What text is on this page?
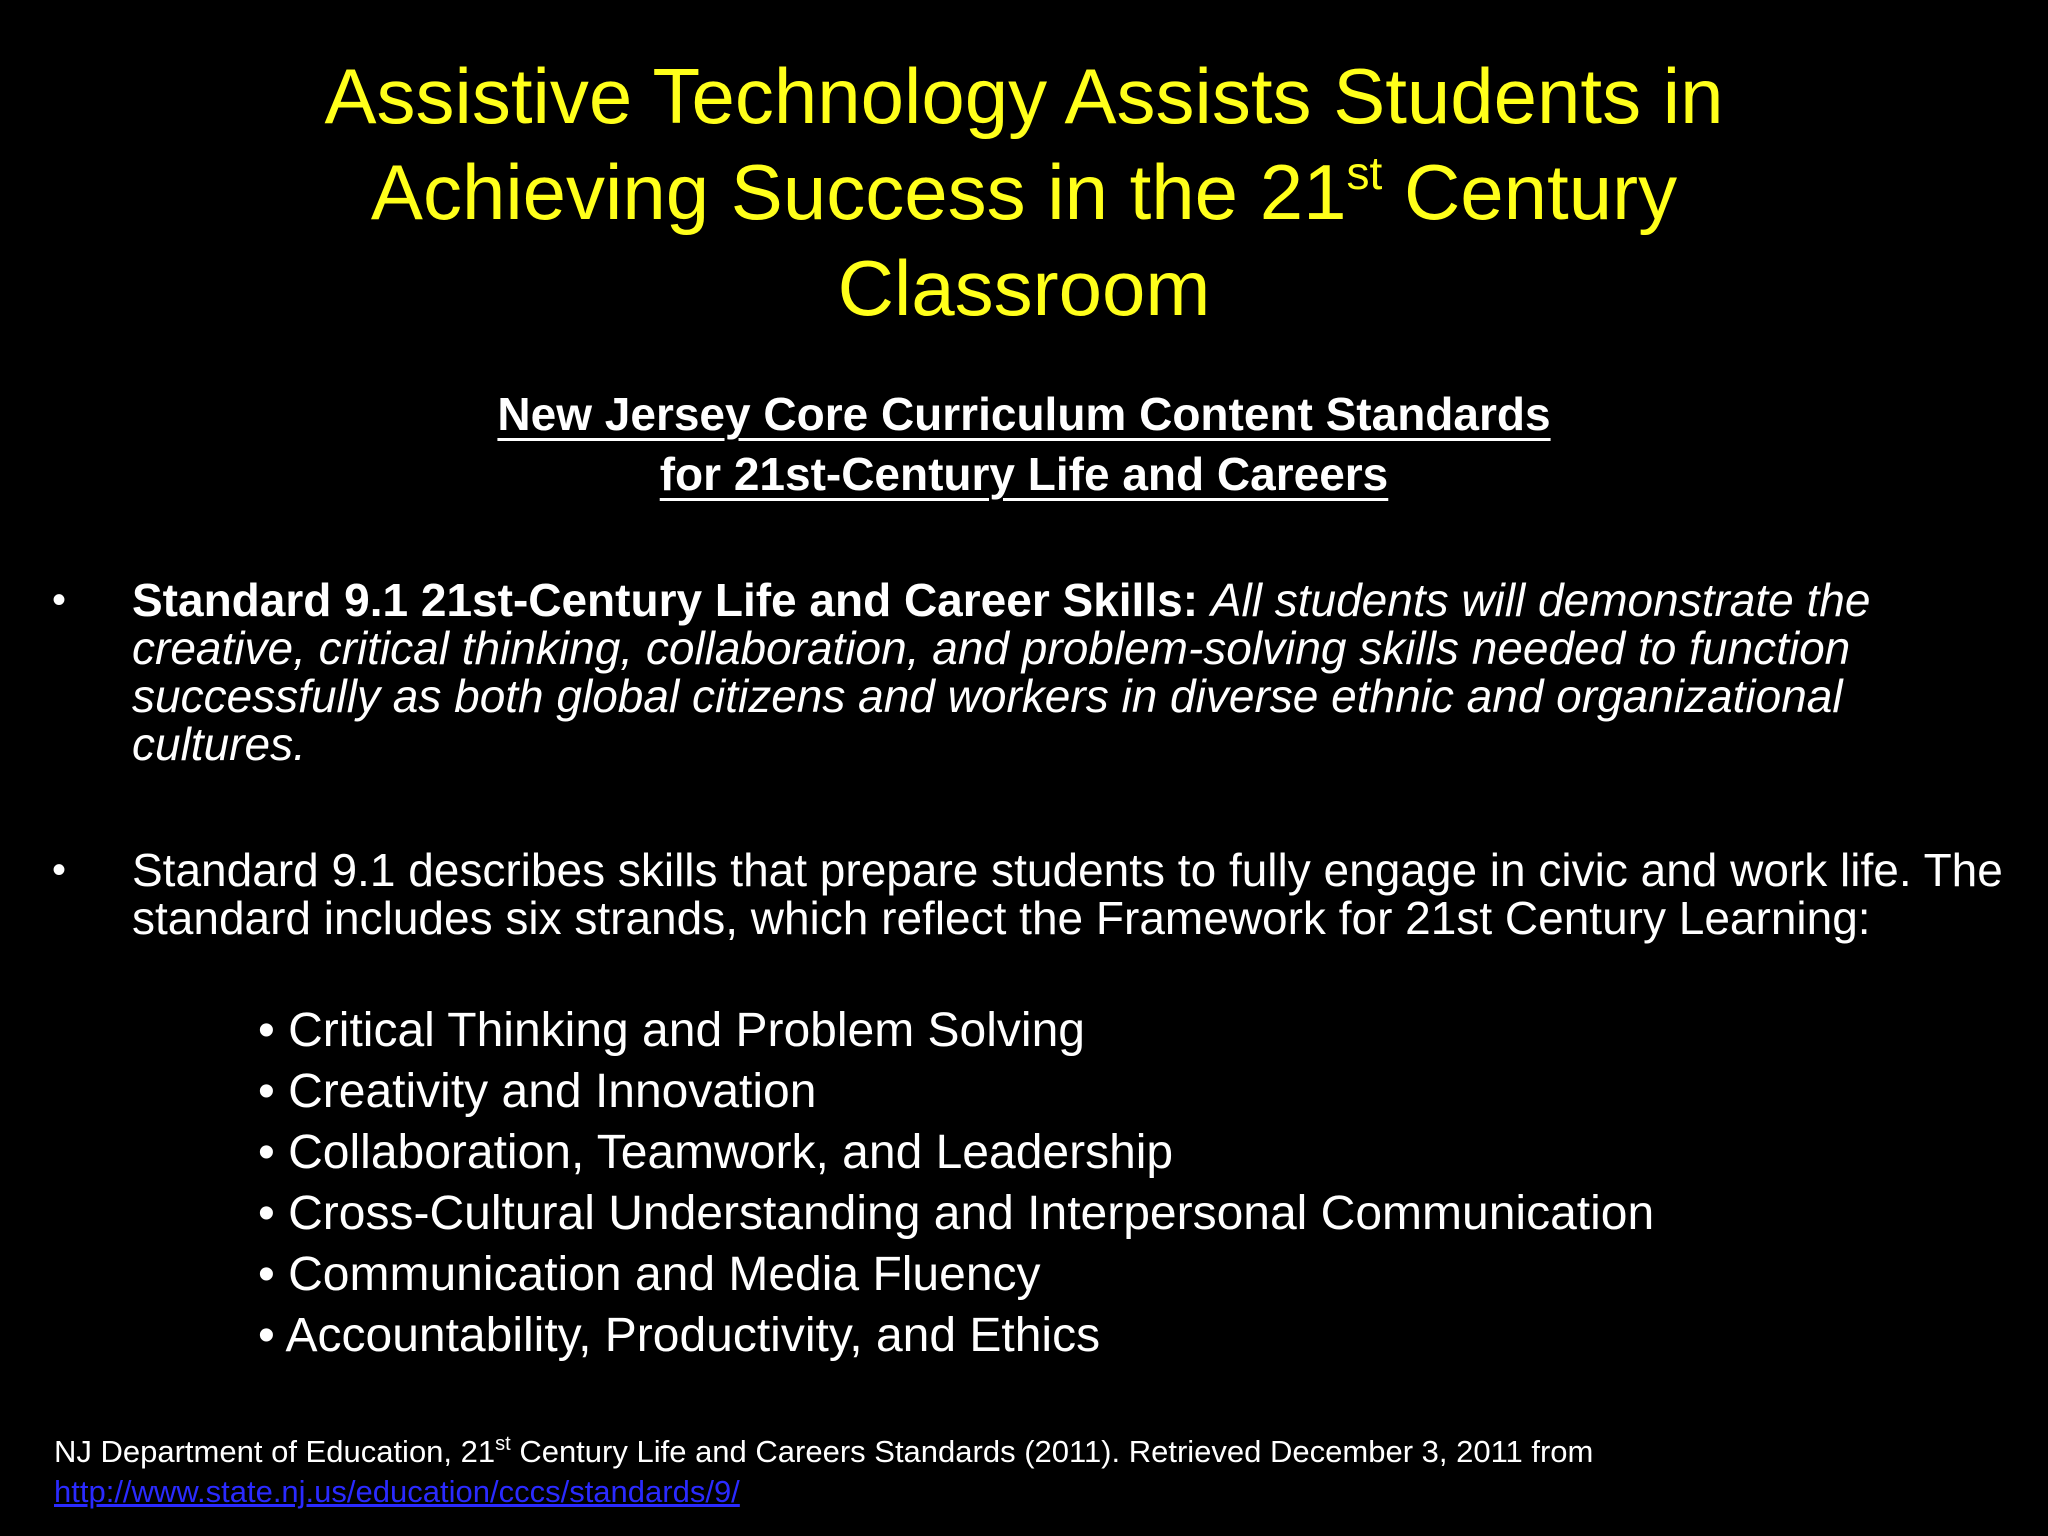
Assistive Technology Assists Students in
Achieving Success in the 21st Century
Classroom
New Jersey Core Curriculum Content Standards
for 21st-Century Life and Careers
• Standard 9.1 21st-Century Life and Career Skills: All students will demonstrate the creative, critical thinking, collaboration, and problem-solving skills needed to function successfully as both global citizens and workers in diverse ethnic and organizational cultures.
• Standard 9.1 describes skills that prepare students to fully engage in civic and work life. The standard includes six strands, which reflect the Framework for 21st Century Learning:
• Critical Thinking and Problem Solving
• Creativity and Innovation
• Collaboration, Teamwork, and Leadership
• Cross-Cultural Understanding and Interpersonal Communication
• Communication and Media Fluency
• Accountability, Productivity, and Ethics
NJ Department of Education, 21st Century Life and Careers Standards (2011). Retrieved December 3, 2011 from
http://www.state.nj.us/education/cccs/standards/9/
